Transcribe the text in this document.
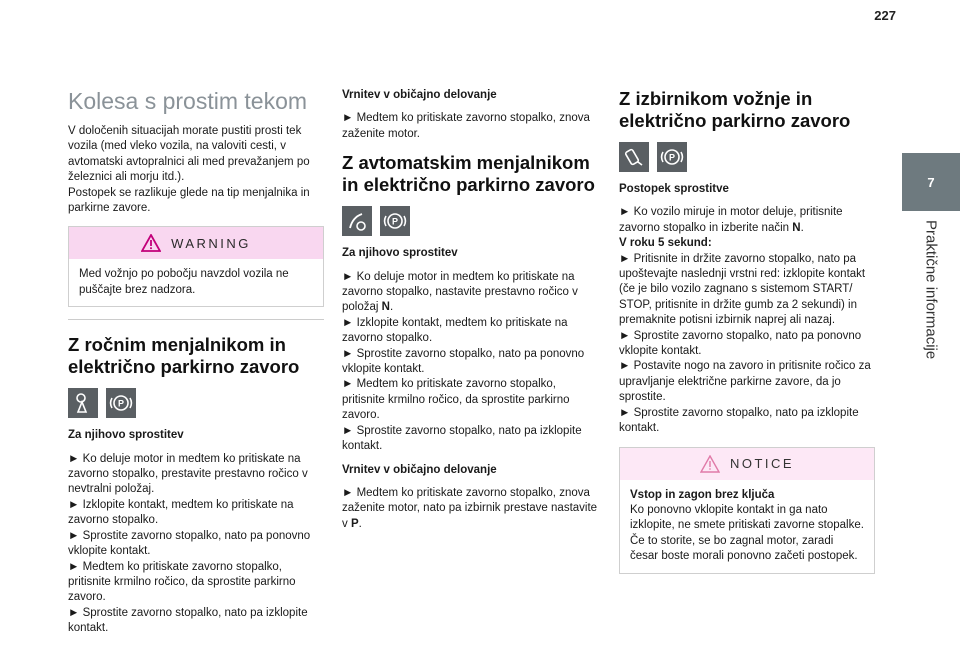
227
7
Praktične informacije
Kolesa s prostim tekom
V določenih situacijah morate pustiti prosti tek vozila (med vleko vozila, na valoviti cesti, v avtomatski avtopralnici ali med prevažanjem po železnici ali morju itd.).
Postopek se razlikuje glede na tip menjalnika in parkirne zavore.
WARNING
Med vožnjo po pobočju navzdol vozila ne puščajte brez nadzora.
Z ročnim menjalnikom in električno parkirno zavoro
P
Za njihovo sprostitev
► Ko deluje motor in medtem ko pritiskate na zavorno stopalko, prestavite prestavno ročico v nevtralni položaj.
► Izklopite kontakt, medtem ko pritiskate na zavorno stopalko.
► Sprostite zavorno stopalko, nato pa ponovno vklopite kontakt.
► Medtem ko pritiskate zavorno stopalko, pritisnite krmilno ročico, da sprostite parkirno zavoro.
► Sprostite zavorno stopalko, nato pa izklopite kontakt.
Vrnitev v običajno delovanje
► Medtem ko pritiskate zavorno stopalko, znova zaženite motor.
Z avtomatskim menjalnikom in električno parkirno zavoro
P
Za njihovo sprostitev
► Ko deluje motor in medtem ko pritiskate na zavorno stopalko, nastavite prestavno ročico v položaj N.
► Izklopite kontakt, medtem ko pritiskate na zavorno stopalko.
► Sprostite zavorno stopalko, nato pa ponovno vklopite kontakt.
► Medtem ko pritiskate zavorno stopalko, pritisnite krmilno ročico, da sprostite parkirno zavoro.
► Sprostite zavorno stopalko, nato pa izklopite kontakt.
Vrnitev v običajno delovanje
► Medtem ko pritiskate zavorno stopalko, znova zaženite motor, nato pa izbirnik prestave nastavite v P.
Z izbirnikom vožnje in električno parkirno zavoro
P
Postopek sprostitve
► Ko vozilo miruje in motor deluje, pritisnite zavorno stopalko in izberite način N.
V roku 5 sekund:
► Pritisnite in držite zavorno stopalko, nato pa upoštevajte naslednji vrstni red: izklopite kontakt (če je bilo vozilo zagnano s sistemom START/ STOP, pritisnite in držite gumb za 2 sekundi) in premaknite potisni izbirnik naprej ali nazaj.
► Sprostite zavorno stopalko, nato pa ponovno vklopite kontakt.
► Postavite nogo na zavoro in pritisnite ročico za upravljanje električne parkirne zavore, da jo sprostite.
► Sprostite zavorno stopalko, nato pa izklopite kontakt.
NOTICE
Vstop in zagon brez ključa
Ko ponovno vklopite kontakt in ga nato izklopite, ne smete pritiskati zavorne stopalke. Če to storite, se bo zagnal motor, zaradi česar boste morali ponovno začeti postopek.
